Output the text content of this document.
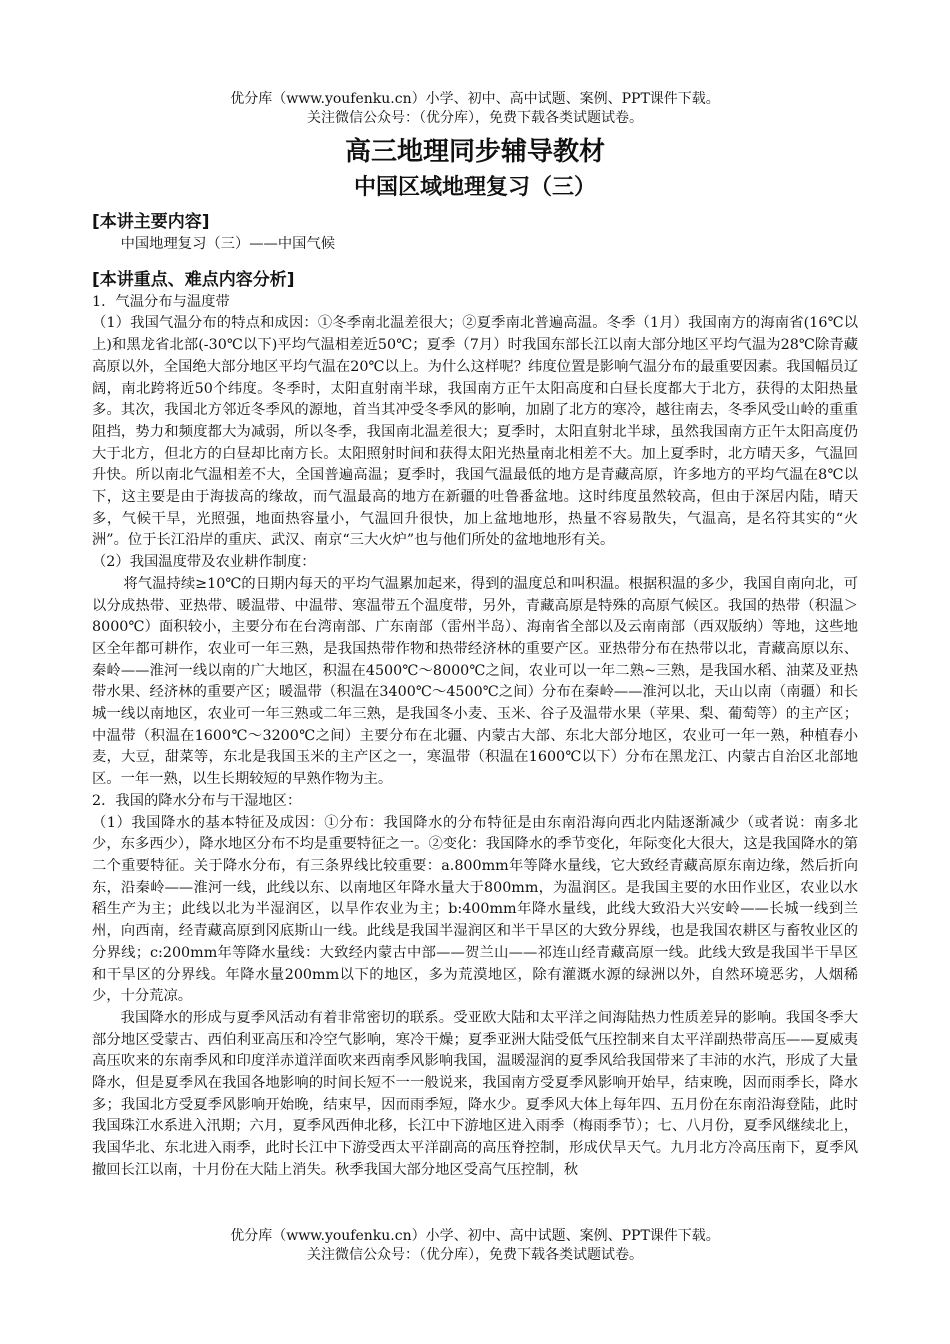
优分库（www.youfenku.cn）小学、初中、高中试题、案例、PPT课件下载。
关注微信公众号：（优分库），免费下载各类试题试卷。
高三地理同步辅导教材
中国区域地理复习（三）
[本讲主要内容]
中国地理复习（三）——中国气候
[本讲重点、难点内容分析]
1．气温分布与温度带
（1）我国气温分布的特点和成因：①冬季南北温差很大；②夏季南北普遍高温。冬季（1月）我国南方的海南省(16℃以上)和黑龙省北部(-30℃以下)平均气温相差近50℃；夏季（7月）时我国东部长江以南大部分地区平均气温为28℃除青藏高原以外，全国绝大部分地区平均气温在20℃以上。为什么这样呢？纬度位置是影响气温分布的最重要因素。我国幅员辽阔，南北跨将近50个纬度。冬季时，太阳直射南半球，我国南方正午太阳高度和白昼长度都大于北方，获得的太阳热量多。其次，我国北方邻近冬季风的源地，首当其冲受冬季风的影响，加剧了北方的寒冷，越往南去，冬季风受山岭的重重阻挡，势力和频度都大为减弱，所以冬季，我国南北温差很大；夏季时，太阳直射北半球，虽然我国南方正午太阳高度仍大于北方，但北方的白昼却比南方长。太阳照射时间和获得太阳光热量南北相差不大。加上夏季时，北方晴天多，气温回升快。所以南北气温相差不大，全国普遍高温；夏季时，我国气温最低的地方是青藏高原，许多地方的平均气温在8℃以下，这主要是由于海拔高的缘故，而气温最高的地方在新疆的吐鲁番盆地。这时纬度虽然较高，但由于深居内陆，晴天多，气候干旱，光照强，地面热容量小，气温回升很快，加上盆地地形，热量不容易散失，气温高，是名符其实的“火洲”。位于长江沿岸的重庆、武汉、南京“三大火炉”也与他们所处的盆地地形有关。
（2）我国温度带及农业耕作制度：
将气温持续≥10℃的日期内每天的平均气温累加起来，得到的温度总和叫积温。根据积温的多少，我国自南向北，可以分成热带、亚热带、暖温带、中温带、寒温带五个温度带，另外，青藏高原是特殊的高原气候区。我国的热带（积温＞8000℃）面积较小，主要分布在台湾南部、广东南部（雷州半岛）、海南省全部以及云南南部（西双版纳）等地，这些地区全年都可耕作，农业可一年三熟，是我国热带作物和热带经济林的重要产区。亚热带分布在热带以北，青藏高原以东、秦岭——淮河一线以南的广大地区，积温在4500℃～8000℃之间，农业可以一年二熟~三熟，是我国水稻、油菜及亚热带水果、经济林的重要产区；暖温带（积温在3400℃～4500℃之间）分布在秦岭——淮河以北，天山以南（南疆）和长城一线以南地区，农业可一年三熟或二年三熟，是我国冬小麦、玉米、谷子及温带水果（苹果、梨、葡萄等）的主产区；中温带（积温在1600℃～3200℃之间）主要分布在北疆、内蒙古大部、东北大部分地区，农业可一年一熟，种植春小麦，大豆，甜菜等，东北是我国玉米的主产区之一，寒温带（积温在1600℃以下）分布在黑龙江、内蒙古自治区北部地区。一年一熟，以生长期较短的早熟作物为主。
2．我国的降水分布与干湿地区：
（1）我国降水的基本特征及成因：①分布：我国降水的分布特征是由东南沿海向西北内陆逐渐减少（或者说：南多北少，东多西少），降水地区分布不均是重要特征之一。②变化：我国降水的季节变化，年际变化大很大，这是我国降水的第二个重要特征。关于降水分布，有三条界线比较重要：a.800mm年等降水量线，它大致经青藏高原东南边缘，然后折向东，沿秦岭——淮河一线，此线以东、以南地区年降水量大于800mm，为温润区。是我国主要的水田作业区，农业以水稻生产为主；此线以北为半湿润区，以旱作农业为主；b:400mm年降水量线，此线大致沿大兴安岭——长城一线到兰州，向西南，经青藏高原到冈底斯山一线。此线是我国半湿润区和半干旱区的大致分界线，也是我国农耕区与畜牧业区的分界线；c:200mm年等降水量线：大致经内蒙古中部——贺兰山——祁连山经青藏高原一线。此线大致是我国半干旱区和干旱区的分界线。年降水量200mm以下的地区，多为荒漠地区，除有灌溉水源的绿洲以外，自然环境恶劣，人烟稀少，十分荒凉。
我国降水的形成与夏季风活动有着非常密切的联系。受亚欧大陆和太平洋之间海陆热力性质差异的影响。我国冬季大部分地区受蒙古、西伯利亚高压和冷空气影响，寒冷干燥；夏季亚洲大陆受低气压控制来自太平洋副热带高压——夏威夷高压吹来的东南季风和印度洋赤道洋面吹来西南季风影响我国，温暖湿润的夏季风给我国带来了丰沛的水汽，形成了大量降水，但是夏季风在我国各地影响的时间长短不一一般说来，我国南方受夏季风影响开始早，结束晚，因而雨季长，降水多；我国北方受夏季风影响开始晚，结束早，因而雨季短，降水少。夏季风大体上每年四、五月份在东南沿海登陆，此时我国珠江水系进入汛期；六月，夏季风西伸北移，长江中下游地区进入雨季（梅雨季节）；七、八月份，夏季风继续北上，我国华北、东北进入雨季，此时长江中下游受西太平洋副高的高压脊控制，形成伏旱天气。九月北方冷高压南下，夏季风撤回长江以南，十月份在大陆上消失。秋季我国大部分地区受高气压控制，秋
优分库（www.youfenku.cn）小学、初中、高中试题、案例、PPT课件下载。
关注微信公众号：（优分库），免费下载各类试题试卷。
